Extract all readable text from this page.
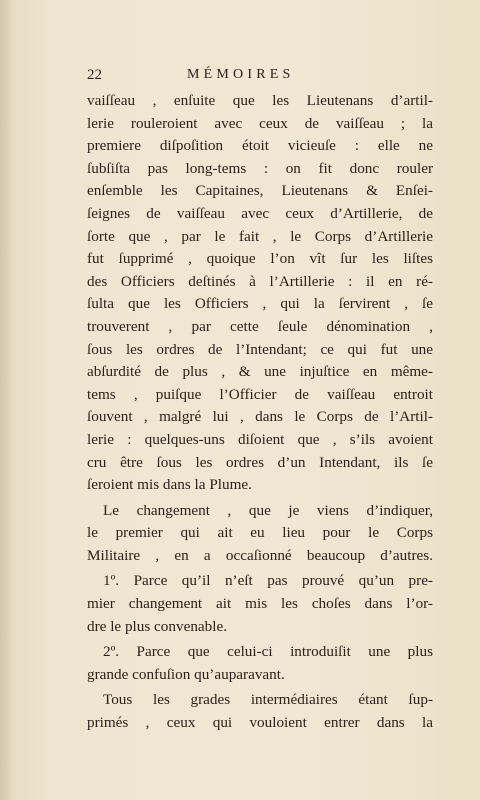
22	MÉMOIRES
vaiſſeau , enſuite que les Lieutenans d’artil-
lerie rouleroient avec ceux de vaiſſeau ; la
premiere diſpoſition étoit vicieuſe : elle ne
ſubſiſta pas long-tems : on fit donc rouler
enſemble les Capitaines, Lieutenans & Enſei-
ſeignes de vaiſſeau avec ceux d’Artillerie, de
ſorte que , par le fait , le Corps d’Artillerie
fut ſupprimé , quoique l’on vît ſur les liſtes
des Officiers deſtinés à l’Artillerie : il en ré-
ſulta que les Officiers , qui la ſervirent , ſe
trouverent , par cette ſeule dénomination ,
ſous les ordres de l’Intendant; ce qui fut une
abſurdité de plus , & une injuſtice en même-
tems , puiſque l’Officier de vaiſſeau entroit
ſouvent , malgré lui , dans le Corps de l’Artil-
lerie : quelques-uns diſoient que , s’ils avoient
cru être ſous les ordres d’un Intendant, ils ſe
ſeroient mis dans la Plume.
Le changement , que je viens d’indiquer,
le premier qui ait eu lieu pour le Corps
Militaire , en a occaſionné beaucoup d’autres.
1º. Parce qu’il n’eſt pas prouvé qu’un pre-
mier changement ait mis les choſes dans l’or-
dre le plus convenable.
2º. Parce que celui-ci introduiſit une plus
grande confuſion qu’auparavant.
Tous les grades intermédiaires étant ſup-
primés , ceux qui vouloient entrer dans la
